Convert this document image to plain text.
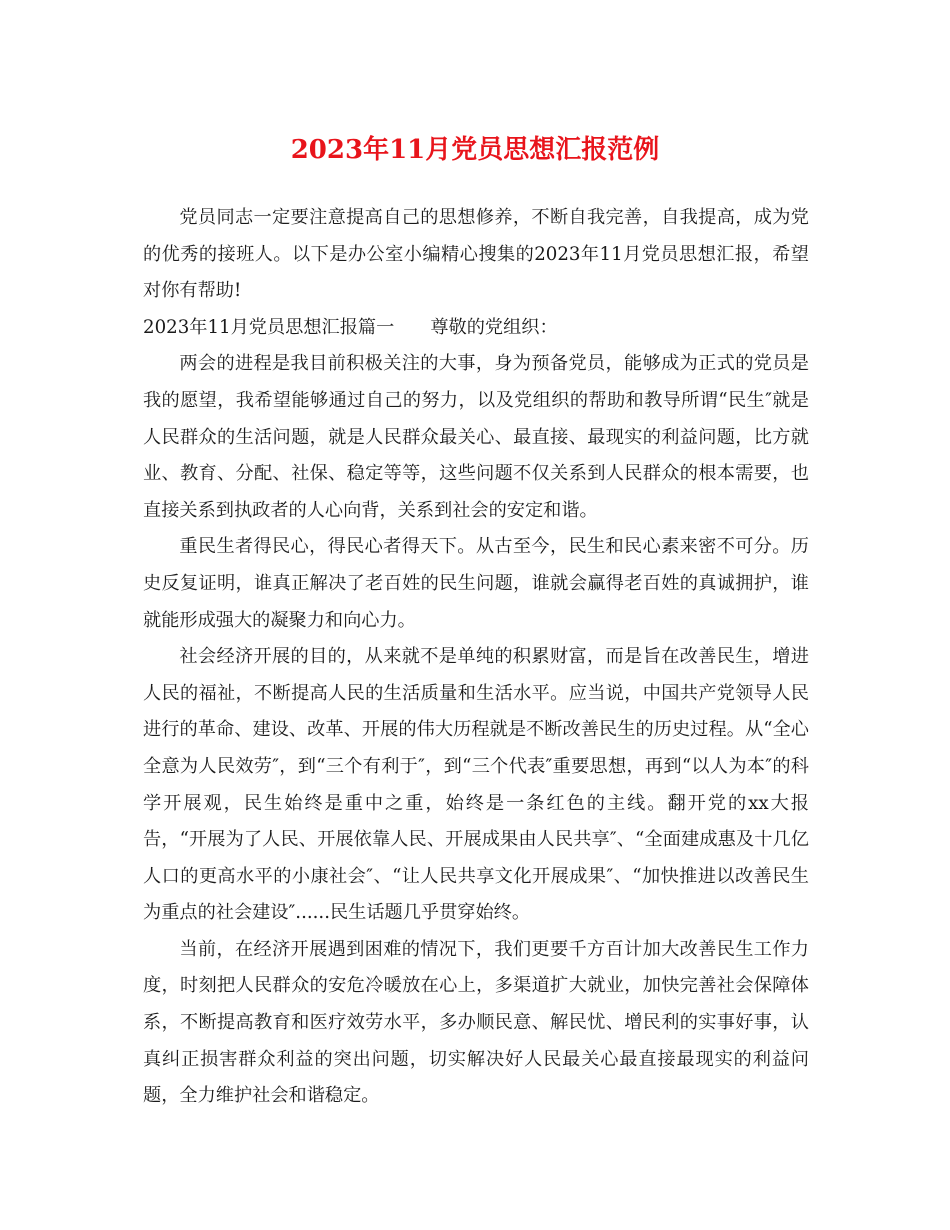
2023年11月党员思想汇报范例

党员同志一定要注意提高自己的思想修养，不断自我完善，自我提高，成为党的优秀的接班人。以下是办公室小编精心搜集的2023年11月党员思想汇报，希望对你有帮助!

2023年11月党员思想汇报篇一 尊敬的党组织：

两会的进程是我目前积极关注的大事，身为预备党员，能够成为正式的党员是我的愿望，我希望能够通过自己的努力，以及党组织的帮助和教导所谓“民生″就是人民群众的生活问题，就是人民群众最关心、最直接、最现实的利益问题，比方就业、教育、分配、社保、稳定等等，这些问题不仅关系到人民群众的根本需要，也直接关系到执政者的人心向背，关系到社会的安定和谐。

重民生者得民心，得民心者得天下。从古至今，民生和民心素来密不可分。历史反复证明，谁真正解决了老百姓的民生问题，谁就会赢得老百姓的真诚拥护，谁就能形成强大的凝聚力和向心力。

社会经济开展的目的，从来就不是单纯的积累财富，而是旨在改善民生，增进人民的福祉，不断提高人民的生活质量和生活水平。应当说，中国共产党领导人民进行的革命、建设、改革、开展的伟大历程就是不断改善民生的历史过程。从“全心全意为人民效劳″，到“三个有利于″，到“三个代表″重要思想，再到“以人为本″的科学开展观，民生始终是重中之重，始终是一条红色的主线。翻开党的xx大报告，“开展为了人民、开展依靠人民、开展成果由人民共享″、“全面建成惠及十几亿人口的更高水平的小康社会″、“让人民共享文化开展成果″、“加快推进以改善民生为重点的社会建设″......民生话题几乎贯穿始终。

当前，在经济开展遇到困难的情况下，我们更要千方百计加大改善民生工作力度，时刻把人民群众的安危冷暖放在心上，多渠道扩大就业，加快完善社会保障体系，不断提高教育和医疗效劳水平，多办顺民意、解民忧、增民利的实事好事，认真纠正损害群众利益的突出问题，切实解决好人民最关心最直接最现实的利益问题，全力维护社会和谐稳定。
